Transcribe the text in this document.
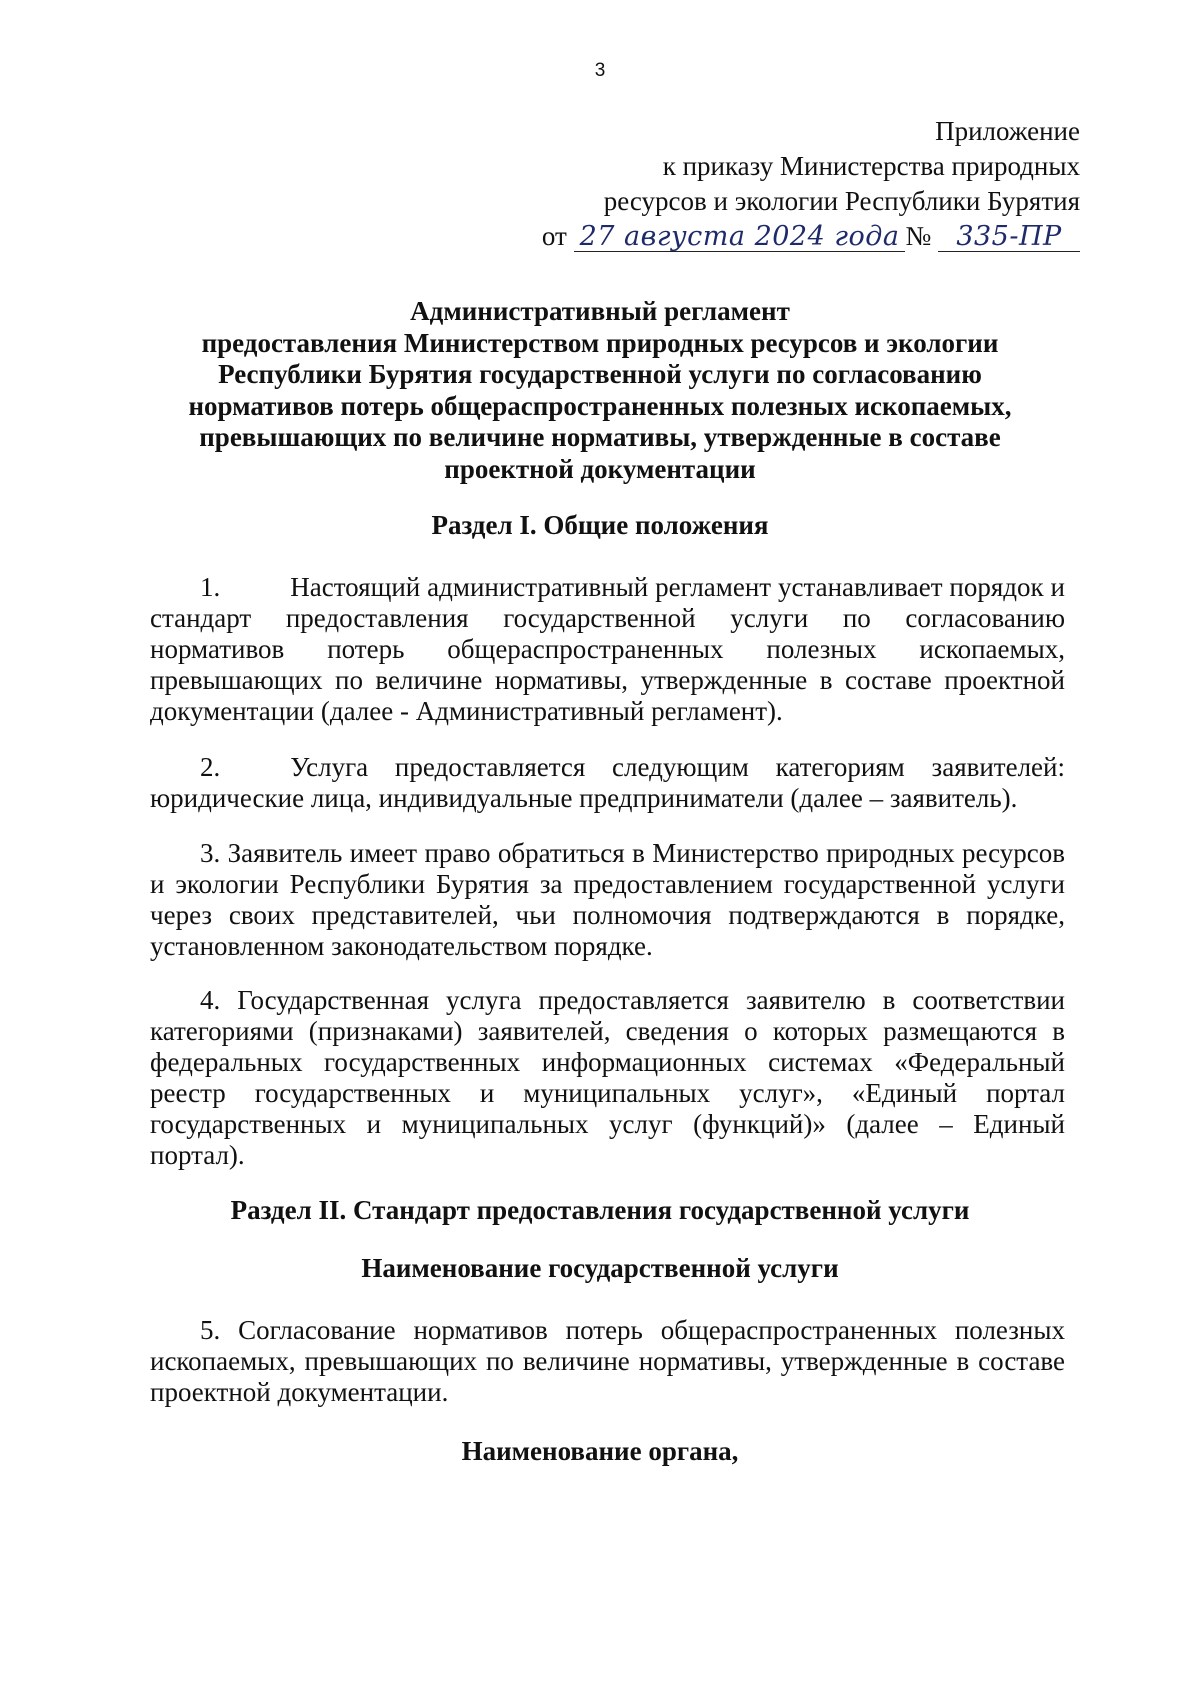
3
Приложение
к приказу Министерства природных
ресурсов и экологии Республики Бурятия
от 27 августа 2024 года № 335-ПР
Административный регламент
предоставления Министерством природных ресурсов и экологии
Республики Бурятия государственной услуги по согласованию
нормативов потерь общераспространенных полезных ископаемых,
превышающих по величине нормативы, утвержденные в составе
проектной документации
Раздел I. Общие положения
1.	Настоящий административный регламент устанавливает порядок и стандарт предоставления государственной услуги по согласованию нормативов потерь общераспространенных полезных ископаемых, превышающих по величине нормативы, утвержденные в составе проектной документации (далее - Административный регламент).
2.	Услуга предоставляется следующим категориям заявителей: юридические лица, индивидуальные предприниматели (далее – заявитель).
3. Заявитель имеет право обратиться в Министерство природных ресурсов и экологии Республики Бурятия за предоставлением государственной услуги через своих представителей, чьи полномочия подтверждаются в порядке, установленном законодательством порядке.
4. Государственная услуга предоставляется заявителю в соответствии категориями (признаками) заявителей, сведения о которых размещаются в федеральных государственных информационных системах «Федеральный реестр государственных и муниципальных услуг», «Единый портал государственных и муниципальных услуг (функций)» (далее – Единый портал).
Раздел II. Стандарт предоставления государственной услуги
Наименование государственной услуги
5. Согласование нормативов потерь общераспространенных полезных ископаемых, превышающих по величине нормативы, утвержденные в составе проектной документации.
Наименование органа,
